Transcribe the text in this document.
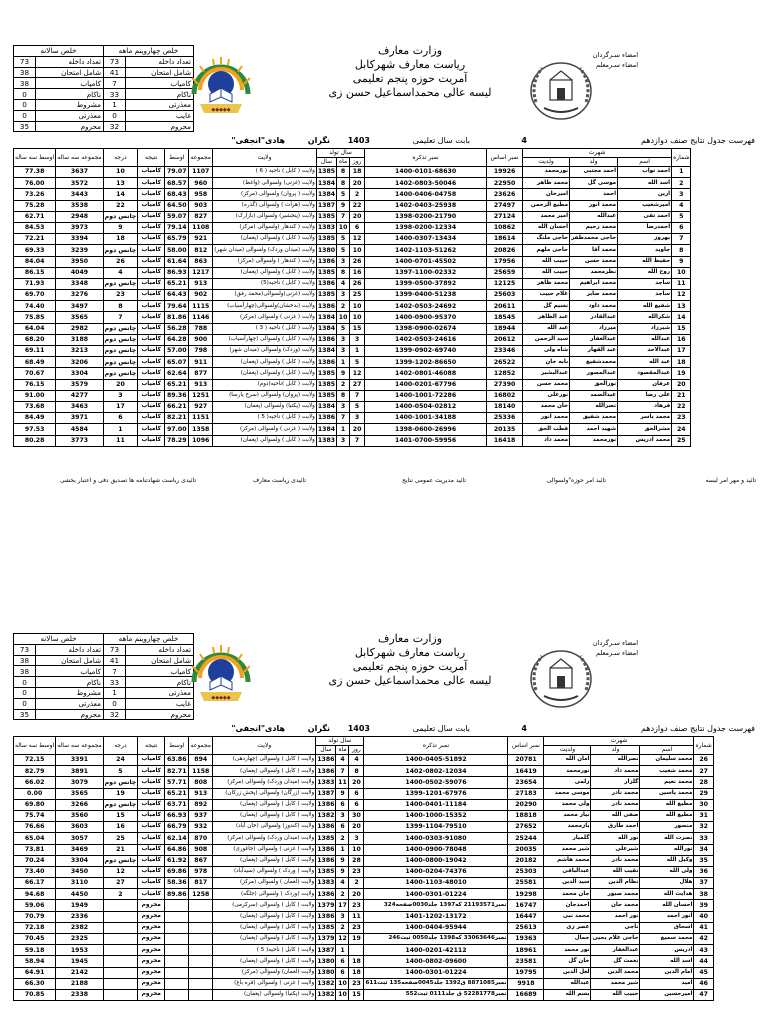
خلص سالانه		خلص چهاروینم ماهه	
73	تعداد داخله	73	تعداد داخله
38	شامل امتحان	41	شامل امتحان
38	کامیاب	7	کامیاب
0	ناکام	33	ناکام
0	مشروط	1	معذرتی
0	معذرتی	0	غایب
35	محروم	32	محروم
◆◆◆◆◆
وزارت معارف
ریاست معارف شهرکابل
آمریت حوزه پنجم تعلیمی
لیسه عالی محمداسماعیل حسن زی
امضاء سـرگردان
امضاء سـرمعلم
فهرست جدول نتایج صنف دوازدهم
4
بابت سال تعلیمی
1403
نگران
هادی"انجفی"
اوسط سه ساله	مجموعه سه ساله	درجه	نتیجه	اوسط	مجموعه	ولایت	سال تولد			نمبر تذکره	نمبر اساس	شهرت			شماره
							سال	ماه	روز			ولدیت	ولد	اسم	
77.38	3637	10	کامیاب	79.07	1107	ولایت ( کابل ) ناحیه ( 6 )	1385	8	18	1400-0101-68630	19926	نورمحمد	احمد مجتبی	احمد تواب	1
76.00	3572	13	کامیاب	68.57	960	ولایت (غزنی) ولسوالی (واغظ)	1384	8	20	1402-0803-50046	22950	محمد ظاهر	موسی گل	اسد الله	2
73.26	3443	14	کامیاب	68.43	958	ولایت ( پروان) ولسوالی (مرکز)	1384	5	2	1400-0406-04758	23626	امیرخان	احمد	ارین	3
75.28	3538	22	کامیاب	64.50	903	ولایت (هرات ) ولسوالی (گذره)	1387	9	22	1402-0403-25938	27497	مطیع الرحمن	محمد انور	امیرشعیب	4
62.71	2948	چانس دوم	کامیاب	59.07	827	ولایت (پنجشیر) ولسوالی (بازارک)	1385	7	20	1398-0200-21790	27124	امیر محمد	عبدالله	احمد تقی	5
84.53	3973	9	کامیاب	79.14	1108	ولایت ( کندهار )ولسوالی (مرکز)	1383	10	6	1398-0200-12334	10862	احسان الله	محمد رحیم	احمدرضا	6
72.21	3394	18	کامیاب	65.79	921	ولایت ( کابل ) ولسوالی (پغمان)	1385	5	12	1400-0307-13434	18614	حاجی ملنگ	حاجی محمدظفر	بهروز	7
69.33	3239	چانس دوم	کامیاب	58.00	812	ولایت (میدان وردک) ولسوالی (میدان شهر)	1380	5	10	1402-1103-51262	20826	حاجی ملهم	محمد آقا	جاوید	8
84.04	3950	26	کامیاب	61.64	863	ولایت ( کندهار ) ولسوالی (مرکز)	1386	3	26	1400-0701-45502	17956	حبیب الله	محمد حسن	حفیظ الله	9
86.15	4049	4	کامیاب	86.93	1217	ولایت ( کابل ) ولسوالی (پغمان)	1385	8	16	1397-1100-02332	25659	حبیب الله	نظرمحمد	روح الله	10
71.93	3348	چانس دوم	کامیاب	65.21	913	ولایت ( کابل ) ناحیه(5)	1386	4	26	1399-0500-37892	12125	محمد ظاهر	محمد ابراهیم	ساجد	11
69.70	3276	23	کامیاب	64.43	902	ولایت (غزنی)ولسوالی(محمد رفق)	1385	3	25	1399-0400-51238	25603	غلام حبیب	محمد صابر	ساجد	12
74.40	3497	8	کامیاب	79.64	1115	ولایت (بدخشان)ولسوالی(چهارآسیاب)	1386	2	10	1402-0503-24692	20611	نسیم گل	محمد داود	شفیع الله	13
75.85	3565	7	کامیاب	81.86	1146	ولایت ( غزنی ) ولسوالی (مرکز)	1384	10	10	1400-0900-95370	18545	عبد الظاهر	عبدالقادر	شکرالله	14
64.04	2982	چانس دوم	کامیاب	56.28	788	ولایت ( کابل ) ناحیه ( 3 )	1384	5	15	1398-0900-02674	18944	عبد الله	میرزاد	شیرزاد	15
68.20	3188	چانس دوم	کامیاب	64.28	900	ولایت ( کابل ) ولسوالی (چهارآسیاب)	1386	3	3	1402-0503-24616	20612	سید الرحمن	عبدالغفار	عبدالله	16
69.11	3213	چانس دوم	کامیاب	57.00	798	ولایت (وردک) ولسوالی (میدان شهر)	1384	3	1	1399-0902-69740	23346	شاه ولی	عبد القهار	عبدالاحد	17
68.49	3206	چانس دوم	کامیاب	65.07	911	ولایت ( کابل ) ولسوالی (پغمان)	1386	1	5	1399-1202-86650	26522	بابه خان	محمدشفیع	عبد الله	18
70.67	3304	چانس دوم	کامیاب	62.64	877	ولایت ( کابل ) ولسوالی (پغمان)	1385	9	12	1402-0801-46088	12852	عبدالبشیر	عبدالمصور	عبدالمقصود	19
76.15	3579	20	کامیاب	65.21	913	ولایت ( کابل )ناحیه(دوم)	1385	2	27	1400-0201-67796	27390	محمد حسن	نورالحق	عرفان	20
91.00	4277	3	کامیاب	89.36	1251	ولایت (پروان) ولسوالی (سرخ پارسا)	1385	8	7	1400-1001-72286	16802	نورعلی	عبدالصمد	علی رضا	21
73.68	3463	17	کامیاب	66.21	927	ولایت (پکتیا) ولسوالی (پغمان)	1384	3	5	1400-0504-02812	18140	خان محمد	نصرالله	فرهاد	22
84.49	3971	6	کامیاب	82.21	1151	ولایت ( کابل ) ناحیه( 5 )	1386	7	3	1400-1001-34188	25336	محمد انور	محمد شفیق	محمد یاسر	23
97.53	4584	1	کامیاب	97.00	1358	ولایت ( غزنی ) ولسوالی (مرکز)	1384	1	20	1398-0600-26996	20135	قطب الحق	شهید احمد	مشرالحق	24
80.28	3773	11	کامیاب	78.29	1096	ولایت ( کابل ) ولسوالی (پغمان)	1383	3	7	1401-0700-59956	16418	محمد داد	نورمحمد	محمد ادریس	25
تائید و مهر امر لیسه
تائید امر حوزه"ولسوالی
تائید مدیریت عمومی نتایج
تائیدی ریاست معارف
تائیدی ریاست شهادتنامه ها تصدیق دفی و اعتبار بخشی
خلص سالانه		خلص چهاروینم ماهه	
73	تعداد داخله	73	تعداد داخله
38	شامل امتحان	41	شامل امتحان
38	کامیاب	7	کامیاب
0	ناکام	33	ناکام
0	مشروط	1	معذرتی
0	معذرتی	0	غایب
35	محروم	32	محروم
◆◆◆◆◆
وزارت معارف
ریاست معارف شهرکابل
آمریت حوزه پنجم تعلیمی
لیسه عالی محمداسماعیل حسن زی
امضاء سـرگردان
امضاء سـرمعلم
فهرست جدول نتایج صنف دوازدهم
4
بابت سال تعلیمی
1403
نگران
هادی"انجفی"
اوسط سه ساله	مجموعه سه ساله	درجه	نتیجه	اوسط	مجموعه	ولایت	سال تولد			نمبر تذکره	نمبر اساس	شهرت			شماره
							سال	ماه	روز			ولدیت	ولد	اسم	
72.15	3391	24	کامیاب	63.86	894	ولایت ( کابل ) ولسوالی (چهاردهی)	1386	4	4	1400-0405-51892	20781	امان الله	نصرالله	محمد سلیمان	26
82.79	3891	5	کامیاب	82.71	1158	ولایت ( کابل ) ولسوالی (پغمان)	1386	7	8	1402-0802-12034	16419	نورمحمد	محمد داد	محمد شعیب	27
66.02	3079	چانس دوم	کامیاب	57.71	808	ولایت (میدان وردک) ولسوالی (مرکز)	1383	11	20	1400-0502-59076	23654	زلمی	گلزار	محمد نعیم	28
0.00	3565	19	کامیاب	65.21	913	ولایت (زرگان) ولسوالی (پخش زرکان)	1387	9	6	1399-1201-67976	27183	موسی محمد	محمد نادر	محمد یاسین	29
69.80	3266	چانس دوم	کامیاب	63.71	892	ولایت ( کابل ) ولسوالی (پغمان)	1386	6	6	1400-0401-11184	20290	ولی محمد	محمد نادر	مطیع الله	30
75.74	3560	15	کامیاب	66.93	937	ولایت ( کابل ) ولسوالی (پغمان)	1382	3	30	1400-1000-15352	18818	نیاز محمد	صفی الله	مطیع الله	31
76.66	3603	16	کامیاب	66.79	932	ولایت (کندوز) ولسوالی (خان آباد)	1386	6	20	1399-1104-79510	27652	بازمحمد	احمد طارق	منصور	32
65.04	3057	25	کامیاب	62.14	870	ولایت (میدان وردک) ولسوالی (مرکز)	1385	2	3	1400-0303-91080	25244	گلمیار	نور الله	نصرت الله	33
73.81	3469	21	کامیاب	64.86	908	ولایت ( غزنی ) ولسوالی (جاغوری)	1386	1	10	1400-0900-78048	20035	شیر محمد	شیرعلی	نورالله	34
70.24	3304	چانس دوم	کامیاب	61.92	867	ولایت ( کابل ) ولسوالی (پغمان)	1386	9	28	1400-0800-19042	20182	محمد هاشم	محمد نادر	وکیل الله	35
73.40	3450	12	کامیاب	69.86	978	ولایت ( وردک ) ولسوالی (سیدآباد)	1385	9	23	1400-0204-74376	25303	عبدالباقی	نقیب الله	ولی الله	36
66.17	3110	27	کامیاب	58.36	817	ولایت (لغمان ) ولسوالی (مرکز)	1383	4	2	1400-1103-48010	25581	سید الدین	نظام الدین	هلال	37
94.68	4450	2	کامیاب	89.86	1258	ولایت (وردک ) ولسوالی (جلگه)	1386	2	20	1400-0301-01224	19298	جان محمد	محمد صبور	هدایت الله	38
59.06	1949		محروم			ولایت ( کابل ) ولسوالی (سرکرمی)	1379	17	23	نمبر21193571 که1397 جلد0030صفحه324	16747	احمدجان	محمد جان	احسان الله	39
70.79	2336		محروم			ولایت ( کابل ) ولسوالی (پغمان)	1386	3	11	1401-1202-13172	16447	محمد نبی	نور احمد	انور احمد	40
72.18	2382		محروم			ولایت ( کابل ) ولسوالی (پغمان)	1385	2	23	1400-0404-95944	25613	عصر زی	ناجی	اسحاق	41
70.45	2325		محروم			ولایت ( کابل ) ولسوالی (پغمان)	1379	12	19	نمبر33063646 که1398 جلد0050 ثبت246	19363	جمال	حاجی غلام یحیی	محمد سمیع	42
59.18	1953		محروم			ولایت ( کابل ) ناحیه( 5 )	1387	1		1400-0201-42112	18961	نور محمد	عبدالغفار	ادریس	43
58.94	1945		محروم			ولایت ( کابل ) ولسوالی (پغمان)	1380	6	18	1400-0802-09600	23581	خان گل	نعمت گل	اسد الله	44
64.91	2142		محروم			ولایت (لغمان) ولسوالی (مرکز)	1380	6	18	1400-0301-01224	19795	لعل الدین	محمد الدین	امام الدین	45
66.30	2188		محروم			ولایت ( غزنی ) ولسوالی (قره باغ)	1382	10	23	نمبر8871085 ق1392 جلد0045صفحه135 ثبت611	9918	عبدالله	شیر محمد	امید	46
70.85	2338		محروم			ولایت (پکتیا) ولسوالی (پغمان)	1382	10	15	نمبر52281778 ق جلد0111 ثبت552	16689	بسم الله	حبیب الله	امیرحسین	47
